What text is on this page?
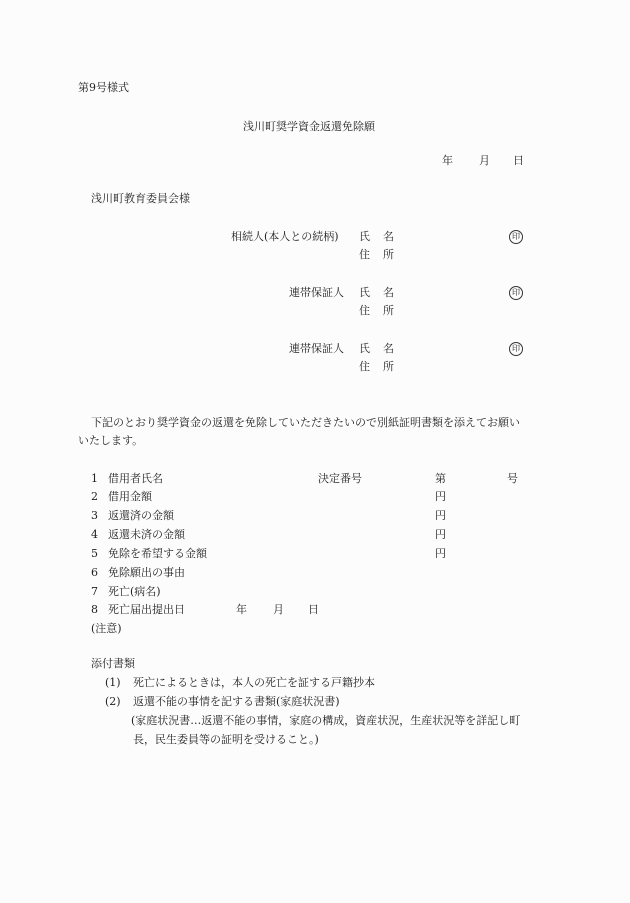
第9号様式
浅川町奨学資金返還免除願
年 月 日
浅川町教育委員会様
相続人(本人との続柄) 氏 名	印
住 所
連帯保証人 氏 名	印
住 所
連帯保証人 氏 名	印
住 所
下記のとおり奨学資金の返還を免除していただきたいので別紙証明書類を添えてお願い
いたします。
1 借用者氏名	決定番号	第	号
2 借用金額	円
3 返還済の金額	円
4 返還未済の金額	円
5 免除を希望する金額	円
6 免除願出の事由
7 死亡(病名)
8 死亡届出提出日	年 月 日
(注意)
添付書類
(1) 死亡によるときは，本人の死亡を証する戸籍抄本
(2) 返還不能の事情を記する書類(家庭状況書)
(家庭状況書…返還不能の事情，家庭の構成，資産状況，生産状況等を詳記し町
長，民生委員等の証明を受けること。)
